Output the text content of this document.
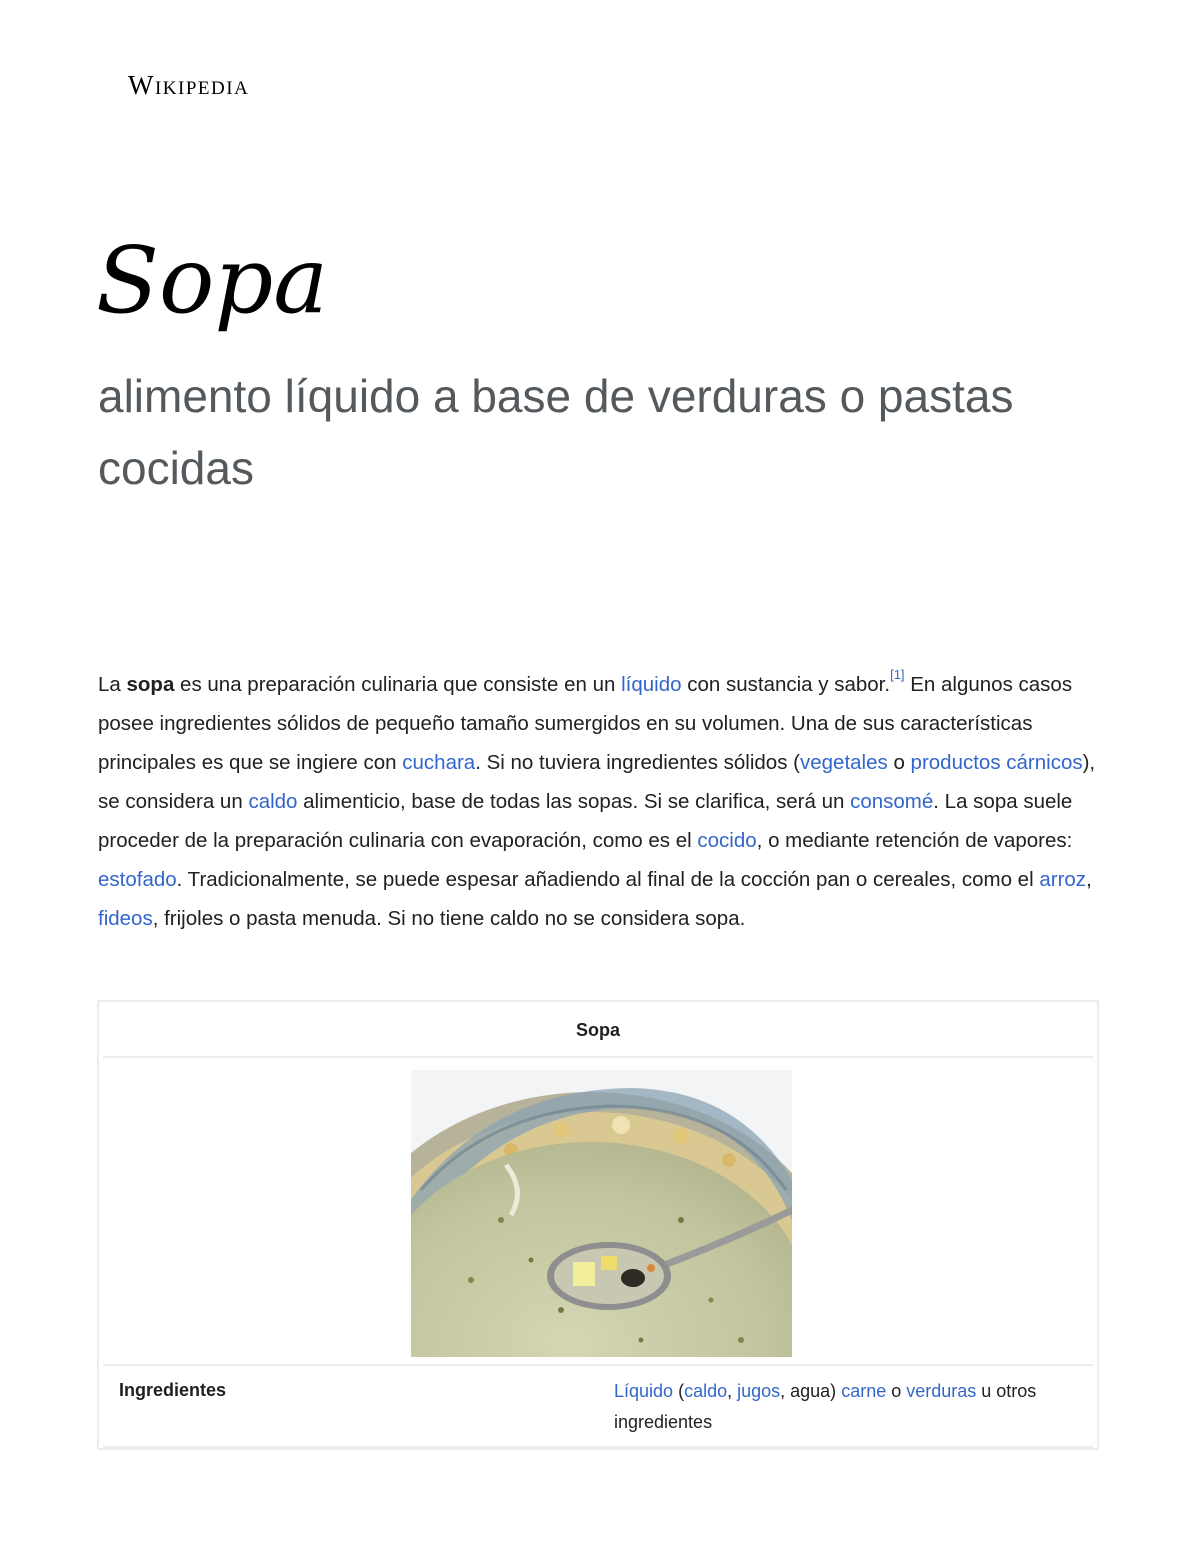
Wikipedia
Sopa
alimento líquido a base de verduras o pastas cocidas

La sopa es una preparación culinaria que consiste en un líquido con sustancia y sabor.[1] En algunos casos posee ingredientes sólidos de pequeño tamaño sumergidos en su volumen. Una de sus características principales es que se ingiere con cuchara. Si no tuviera ingredientes sólidos (vegetales o productos cárnicos), se considera un caldo alimenticio, base de todas las sopas. Si se clarifica, será un consomé. La sopa suele proceder de la preparación culinaria con evaporación, como es el cocido, o mediante retención de vapores: estofado. Tradicionalmente, se puede espesar añadiendo al final de la cocción pan o cereales, como el arroz, fideos, frijoles o pasta menuda. Si no tiene caldo no se considera sopa.

Sopa
Ingredientes	Líquido (caldo, jugos, agua) carne o verduras u otros ingredientes
